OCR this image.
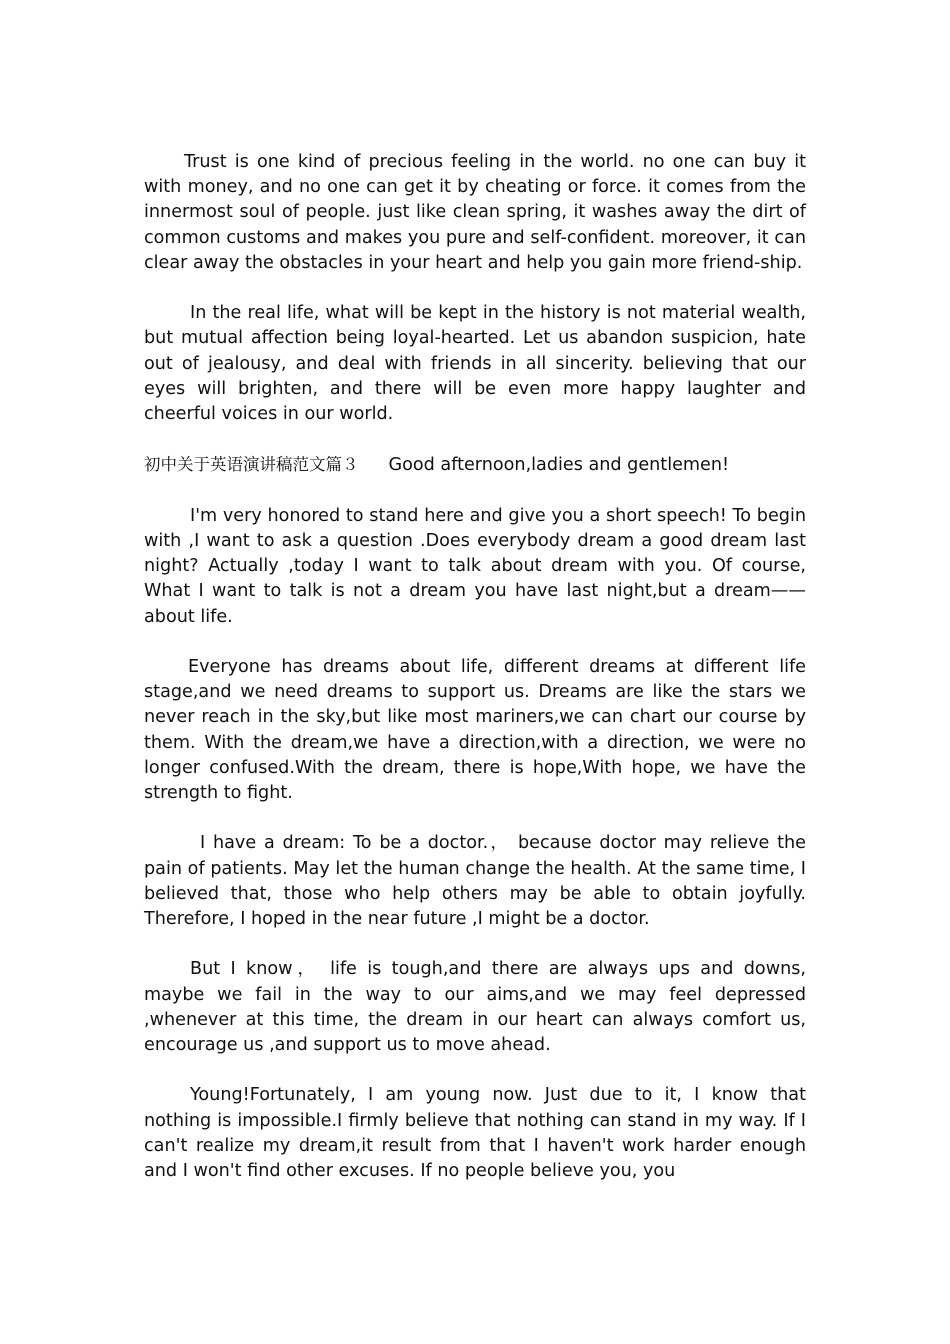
Trust is one kind of precious feeling in the world. no one can buy it with money, and no one can get it by cheating or force. it comes from the innermost soul of people. just like clean spring, it washes away the dirt of common customs and makes you pure and self-confident. moreover, it can clear away the obstacles in your heart and help you gain more friend-ship.

In the real life, what will be kept in the history is not material wealth, but mutual affection being loyal-hearted. Let us abandon suspicion, hate out of jealousy, and deal with friends in all sincerity. believing that our eyes will brighten, and there will be even more happy laughter and cheerful voices in our world.

初中关于英语演讲稿范文篇３ Good afternoon,ladies and gentlemen!

I'm very honored to stand here and give you a short speech! To begin with ,I want to ask a question .Does everybody dream a good dream last night? Actually ,today I want to talk about dream with you. Of course, What I want to talk is not a dream you have last night,but a dream—— about life.

Everyone has dreams about life, different dreams at different life stage,and we need dreams to support us. Dreams are like the stars we never reach in the sky,but like most mariners,we can chart our course by them. With the dream,we have a direction,with a direction, we were no longer confused.With the dream, there is hope,With hope, we have the strength to fight.

I have a dream: To be a doctor.， because doctor may relieve the pain of patients. May let the human change the health. At the same time, I believed that, those who help others may be able to obtain joyfully. Therefore, I hoped in the near future ,I might be a doctor.

But I know， life is tough,and there are always ups and downs, maybe we fail in the way to our aims,and we may feel depressed ,whenever at this time, the dream in our heart can always comfort us, encourage us ,and support us to move ahead.

Young!Fortunately, I am young now. Just due to it, I know that nothing is impossible.I firmly believe that nothing can stand in my way. If I can't realize my dream,it result from that I haven't work harder enough and I won't find other excuses. If no people believe you, you
